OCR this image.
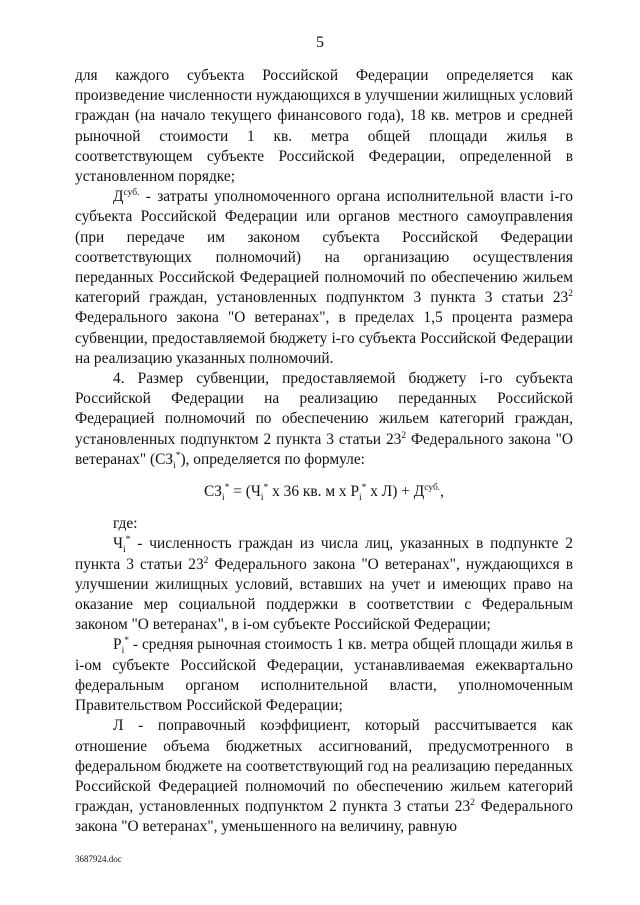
5

для каждого субъекта Российской Федерации определяется как произведение численности нуждающихся в улучшении жилищных условий граждан (на начало текущего финансового года), 18 кв. метров и средней рыночной стоимости 1 кв. метра общей площади жилья в соответствующем субъекте Российской Федерации, определенной в установленном порядке;

$Д^{суб.}$ - затраты уполномоченного органа исполнительной власти i-го субъекта Российской Федерации или органов местного самоуправления (при передаче им законом субъекта Российской Федерации соответствующих полномочий) на организацию осуществления переданных Российской Федерацией полномочий по обеспечению жильем категорий граждан, установленных подпунктом 3 пункта 3 статьи $23^2$ Федерального закона "О ветеранах", в пределах 1,5 процента размера субвенции, предоставляемой бюджету i-го субъекта Российской Федерации на реализацию указанных полномочий.

4. Размер субвенции, предоставляемой бюджету i-го субъекта Российской Федерации на реализацию переданных Российской Федерацией полномочий по обеспечению жильем категорий граждан, установленных подпунктом 2 пункта 3 статьи $23^2$ Федерального закона "О ветеранах" $(СЗ_i^*)$, определяется по формуле:

$СЗ_i^* = (Ч_i^*$ х 36 кв. м х $Р_i^*$ х $Л) + Д^{суб.}$,

где:

$Ч_i^*$ - численность граждан из числа лиц, указанных в подпункте 2 пункта 3 статьи $23^2$ Федерального закона "О ветеранах", нуждающихся в улучшении жилищных условий, вставших на учет и имеющих право на оказание мер социальной поддержки в соответствии с Федеральным законом "О ветеранах", в i-ом субъекте Российской Федерации;

$Р_i^*$ - средняя рыночная стоимость 1 кв. метра общей площади жилья в i-ом субъекте Российской Федерации, устанавливаемая ежеквартально федеральным органом исполнительной власти, уполномоченным Правительством Российской Федерации;

Л - поправочный коэффициент, который рассчитывается как отношение объема бюджетных ассигнований, предусмотренного в федеральном бюджете на соответствующий год на реализацию переданных Российской Федерацией полномочий по обеспечению жильем категорий граждан, установленных подпунктом 2 пункта 3 статьи $23^2$ Федерального закона "О ветеранах", уменьшенного на величину, равную

3687924.doc
